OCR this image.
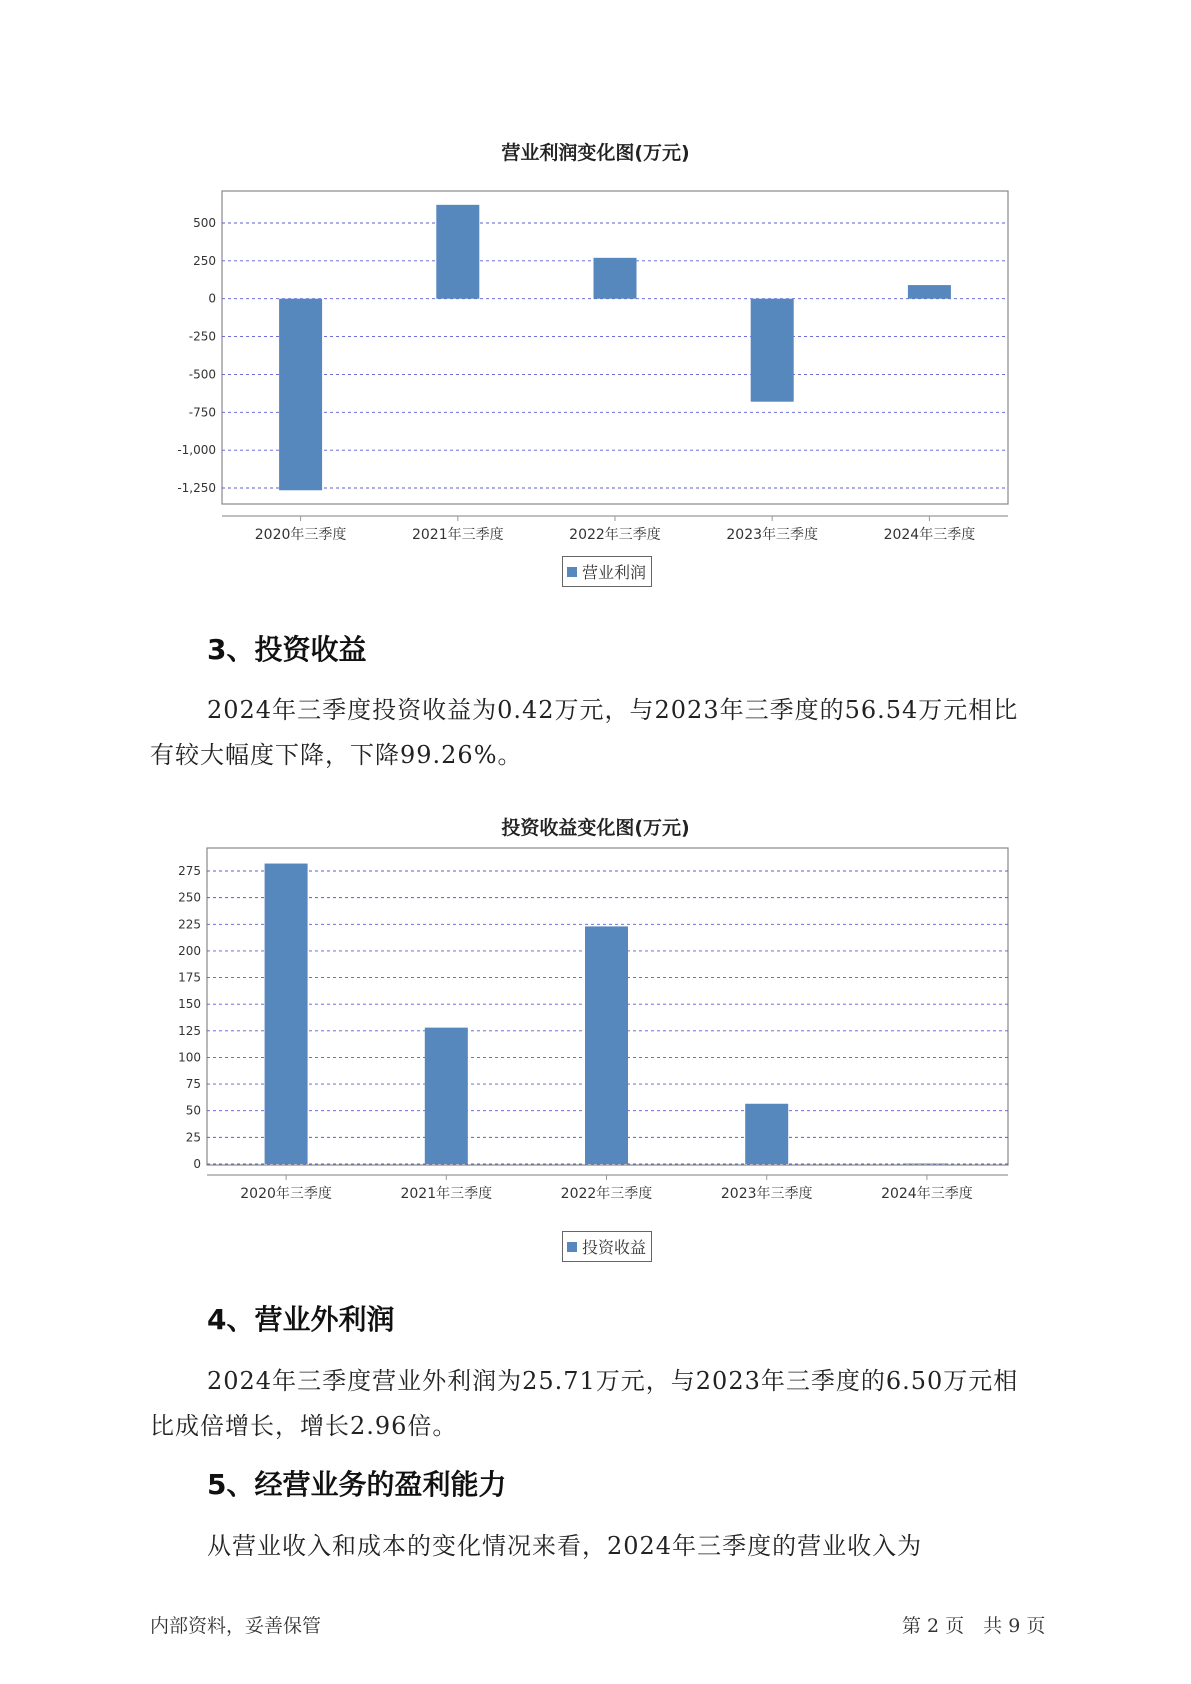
营业利润变化图(万元)
500
250
0
-250
-500
-750
-1,000
-1,250
2020年三季度	2021年三季度	2022年三季度	2023年三季度	2024年三季度
营业利润
3、投资收益
2024年三季度投资收益为0.42万元，与2023年三季度的56.54万元相比
有较大幅度下降，下降99.26%。
投资收益变化图(万元)
275
250
225
200
175
150
125
100
75
50
25
0
2020年三季度	2021年三季度	2022年三季度	2023年三季度	2024年三季度
投资收益
4、营业外利润
2024年三季度营业外利润为25.71万元，与2023年三季度的6.50万元相
比成倍增长，增长2.96倍。
5、经营业务的盈利能力
从营业收入和成本的变化情况来看，2024年三季度的营业收入为
内部资料，妥善保管	第 2 页　共 9 页
